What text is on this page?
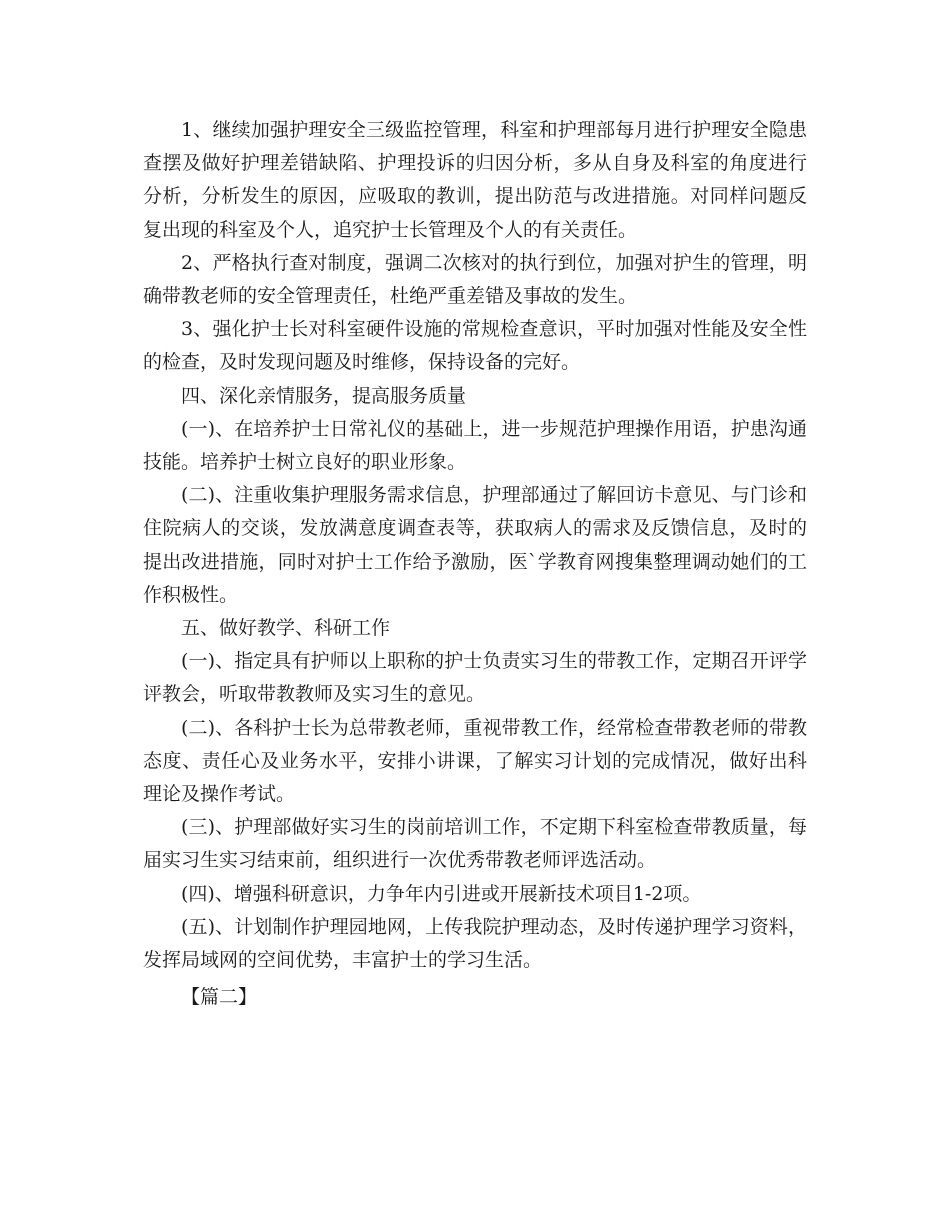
1、继续加强护理安全三级监控管理，科室和护理部每月进行护理安全隐患查摆及做好护理差错缺陷、护理投诉的归因分析，多从自身及科室的角度进行分析，分析发生的原因，应吸取的教训，提出防范与改进措施。对同样问题反复出现的科室及个人，追究护士长管理及个人的有关责任。

2、严格执行查对制度，强调二次核对的执行到位，加强对护生的管理，明确带教老师的安全管理责任，杜绝严重差错及事故的发生。

3、强化护士长对科室硬件设施的常规检查意识，平时加强对性能及安全性的检查，及时发现问题及时维修，保持设备的完好。

四、深化亲情服务，提高服务质量

(一)、在培养护士日常礼仪的基础上，进一步规范护理操作用语，护患沟通技能。培养护士树立良好的职业形象。

(二)、注重收集护理服务需求信息，护理部通过了解回访卡意见、与门诊和住院病人的交谈，发放满意度调查表等，获取病人的需求及反馈信息，及时的提出改进措施，同时对护士工作给予激励，医`学教育网搜集整理调动她们的工作积极性。

五、做好教学、科研工作

(一)、指定具有护师以上职称的护士负责实习生的带教工作，定期召开评学评教会，听取带教教师及实习生的意见。

(二)、各科护士长为总带教老师，重视带教工作，经常检查带教老师的带教态度、责任心及业务水平，安排小讲课，了解实习计划的完成情况，做好出科理论及操作考试。

(三)、护理部做好实习生的岗前培训工作，不定期下科室检查带教质量，每届实习生实习结束前，组织进行一次优秀带教老师评选活动。

(四)、增强科研意识，力争年内引进或开展新技术项目1-2项。

(五)、计划制作护理园地网，上传我院护理动态，及时传递护理学习资料，发挥局域网的空间优势，丰富护士的学习生活。

【篇二】
